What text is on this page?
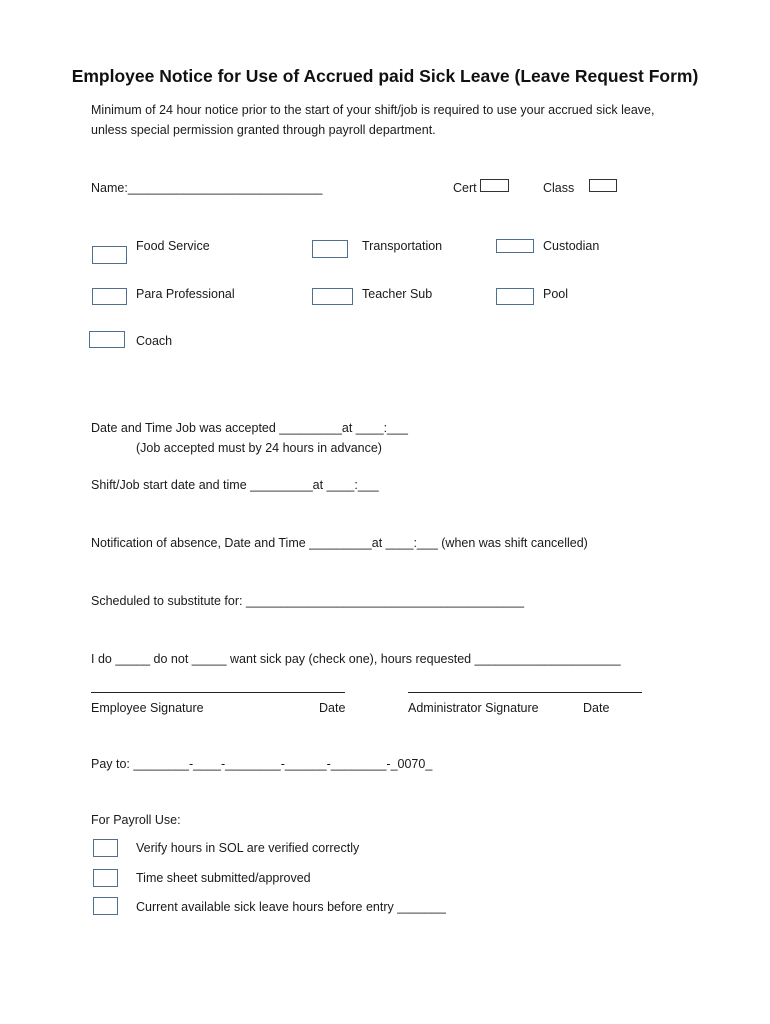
Employee Notice for Use of Accrued paid Sick Leave (Leave Request Form)
Minimum of 24 hour notice prior to the start of your shift/job is required to use your accrued sick leave,
unless special permission granted through payroll department.
Name:____________________________	Cert	Class
Food Service	Transportation	Custodian
Para Professional	Teacher Sub	Pool
Coach
Date and Time Job was accepted _________at ____:___
(Job accepted must by 24 hours in advance)
Shift/Job start date and time _________at ____:___
Notification of absence, Date and Time _________at ____:___ (when was shift cancelled)
Scheduled to substitute for: ________________________________________
I do _____ do not _____ want sick pay (check one), hours requested _____________________
Employee Signature	Date	Administrator Signature	Date
Pay to: ________-____-________-______-________-_0070_
For Payroll Use:
Verify hours in SOL are verified correctly
Time sheet submitted/approved
Current available sick leave hours before entry _______
